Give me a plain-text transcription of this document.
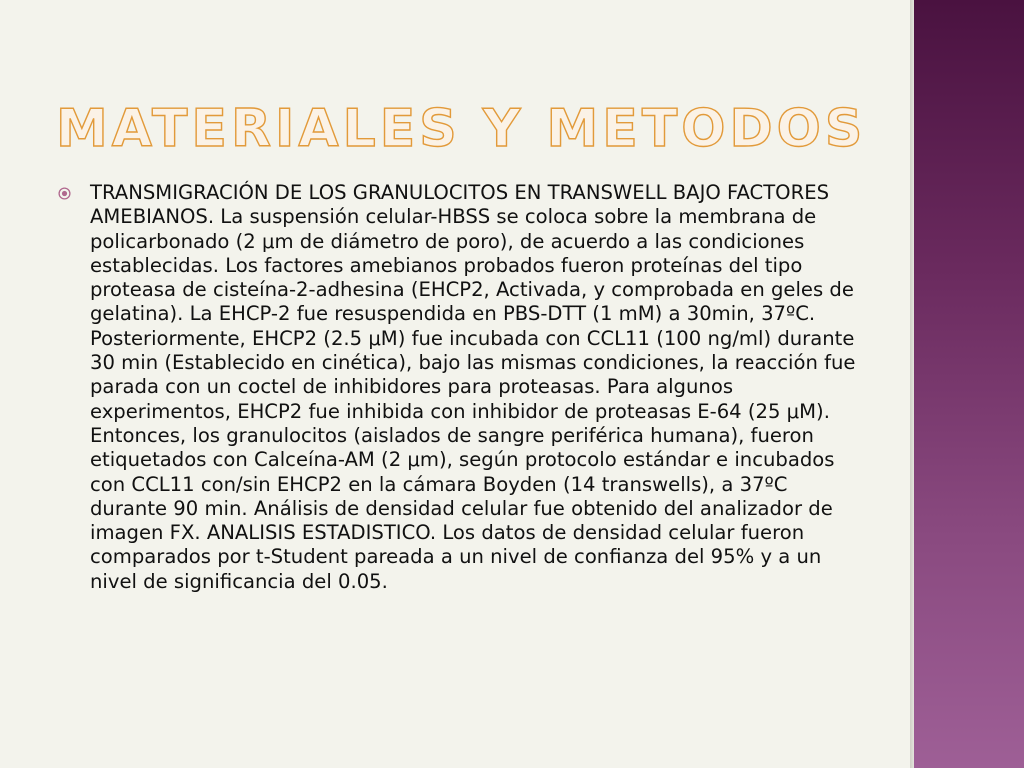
MATERIALES Y METODOS

TRANSMIGRACIÓN DE LOS GRANULOCITOS EN TRANSWELL BAJO FACTORES AMEBIANOS. La suspensión celular-HBSS se coloca sobre la membrana de policarbonado (2 μm de diámetro de poro), de acuerdo a las condiciones establecidas. Los factores amebianos probados fueron proteínas del tipo proteasa de cisteína-2-adhesina (EHCP2, Activada, y comprobada en geles de gelatina). La EHCP-2 fue resuspendida en PBS-DTT (1 mM) a 30min, 37ºC. Posteriormente, EHCP2 (2.5 μM) fue incubada con CCL11 (100 ng/ml) durante 30 min (Establecido en cinética), bajo las mismas condiciones, la reacción fue parada con un coctel de inhibidores para proteasas. Para algunos experimentos, EHCP2 fue inhibida con inhibidor de proteasas E-64 (25 μM). Entonces, los granulocitos (aislados de sangre periférica humana), fueron etiquetados con Calceína-AM (2 μm), según protocolo estándar e incubados con CCL11 con/sin EHCP2 en la cámara Boyden (14 transwells), a 37ºC durante 90 min. Análisis de densidad celular fue obtenido del analizador de imagen FX. ANALISIS ESTADISTICO. Los datos de densidad celular fueron comparados por t-Student pareada a un nivel de confianza del 95% y a un nivel de significancia del 0.05.
